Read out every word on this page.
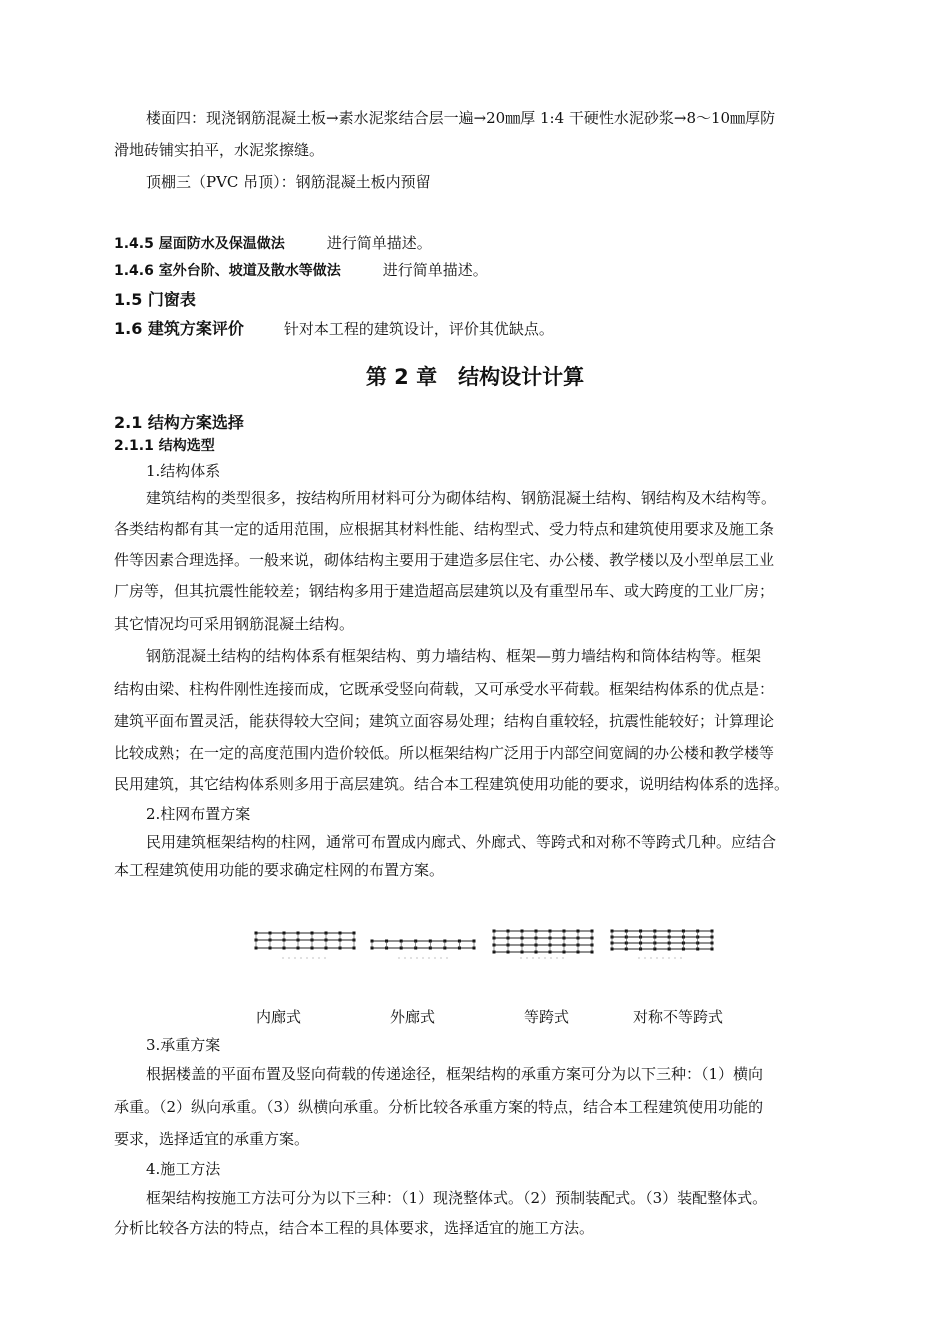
楼面四：现浇钢筋混凝土板→素水泥浆结合层一遍→20㎜厚 1:4 干硬性水泥砂浆→8～10㎜厚防
滑地砖铺实拍平，水泥浆擦缝。
顶棚三（PVC 吊顶）：钢筋混凝土板内预留
1.4.5 屋面防水及保温做法	进行简单描述。
1.4.6 室外台阶、坡道及散水等做法	进行简单描述。
1.5 门窗表
1.6 建筑方案评价	针对本工程的建筑设计，评价其优缺点。
第 2 章　结构设计计算
2.1 结构方案选择
2.1.1 结构选型
1.结构体系
建筑结构的类型很多，按结构所用材料可分为砌体结构、钢筋混凝土结构、钢结构及木结构等。
各类结构都有其一定的适用范围，应根据其材料性能、结构型式、受力特点和建筑使用要求及施工条
件等因素合理选择。一般来说，砌体结构主要用于建造多层住宅、办公楼、教学楼以及小型单层工业
厂房等，但其抗震性能较差；钢结构多用于建造超高层建筑以及有重型吊车、或大跨度的工业厂房；
其它情况均可采用钢筋混凝土结构。
钢筋混凝土结构的结构体系有框架结构、剪力墙结构、框架—剪力墙结构和筒体结构等。框架
结构由梁、柱构件刚性连接而成，它既承受竖向荷载，又可承受水平荷载。框架结构体系的优点是：
建筑平面布置灵活，能获得较大空间；建筑立面容易处理；结构自重较轻，抗震性能较好；计算理论
比较成熟；在一定的高度范围内造价较低。所以框架结构广泛用于内部空间宽阔的办公楼和教学楼等
民用建筑，其它结构体系则多用于高层建筑。结合本工程建筑使用功能的要求，说明结构体系的选择。
2.柱网布置方案
民用建筑框架结构的柱网，通常可布置成内廊式、外廊式、等跨式和对称不等跨式几种。应结合
本工程建筑使用功能的要求确定柱网的布置方案。
内廊式	外廊式	等跨式	对称不等跨式
3.承重方案
根据楼盖的平面布置及竖向荷载的传递途径，框架结构的承重方案可分为以下三种：（1）横向
承重。（2）纵向承重。（3）纵横向承重。分析比较各承重方案的特点，结合本工程建筑使用功能的
要求，选择适宜的承重方案。
4.施工方法
框架结构按施工方法可分为以下三种：（1）现浇整体式。（2）预制装配式。（3）装配整体式。
分析比较各方法的特点，结合本工程的具体要求，选择适宜的施工方法。
